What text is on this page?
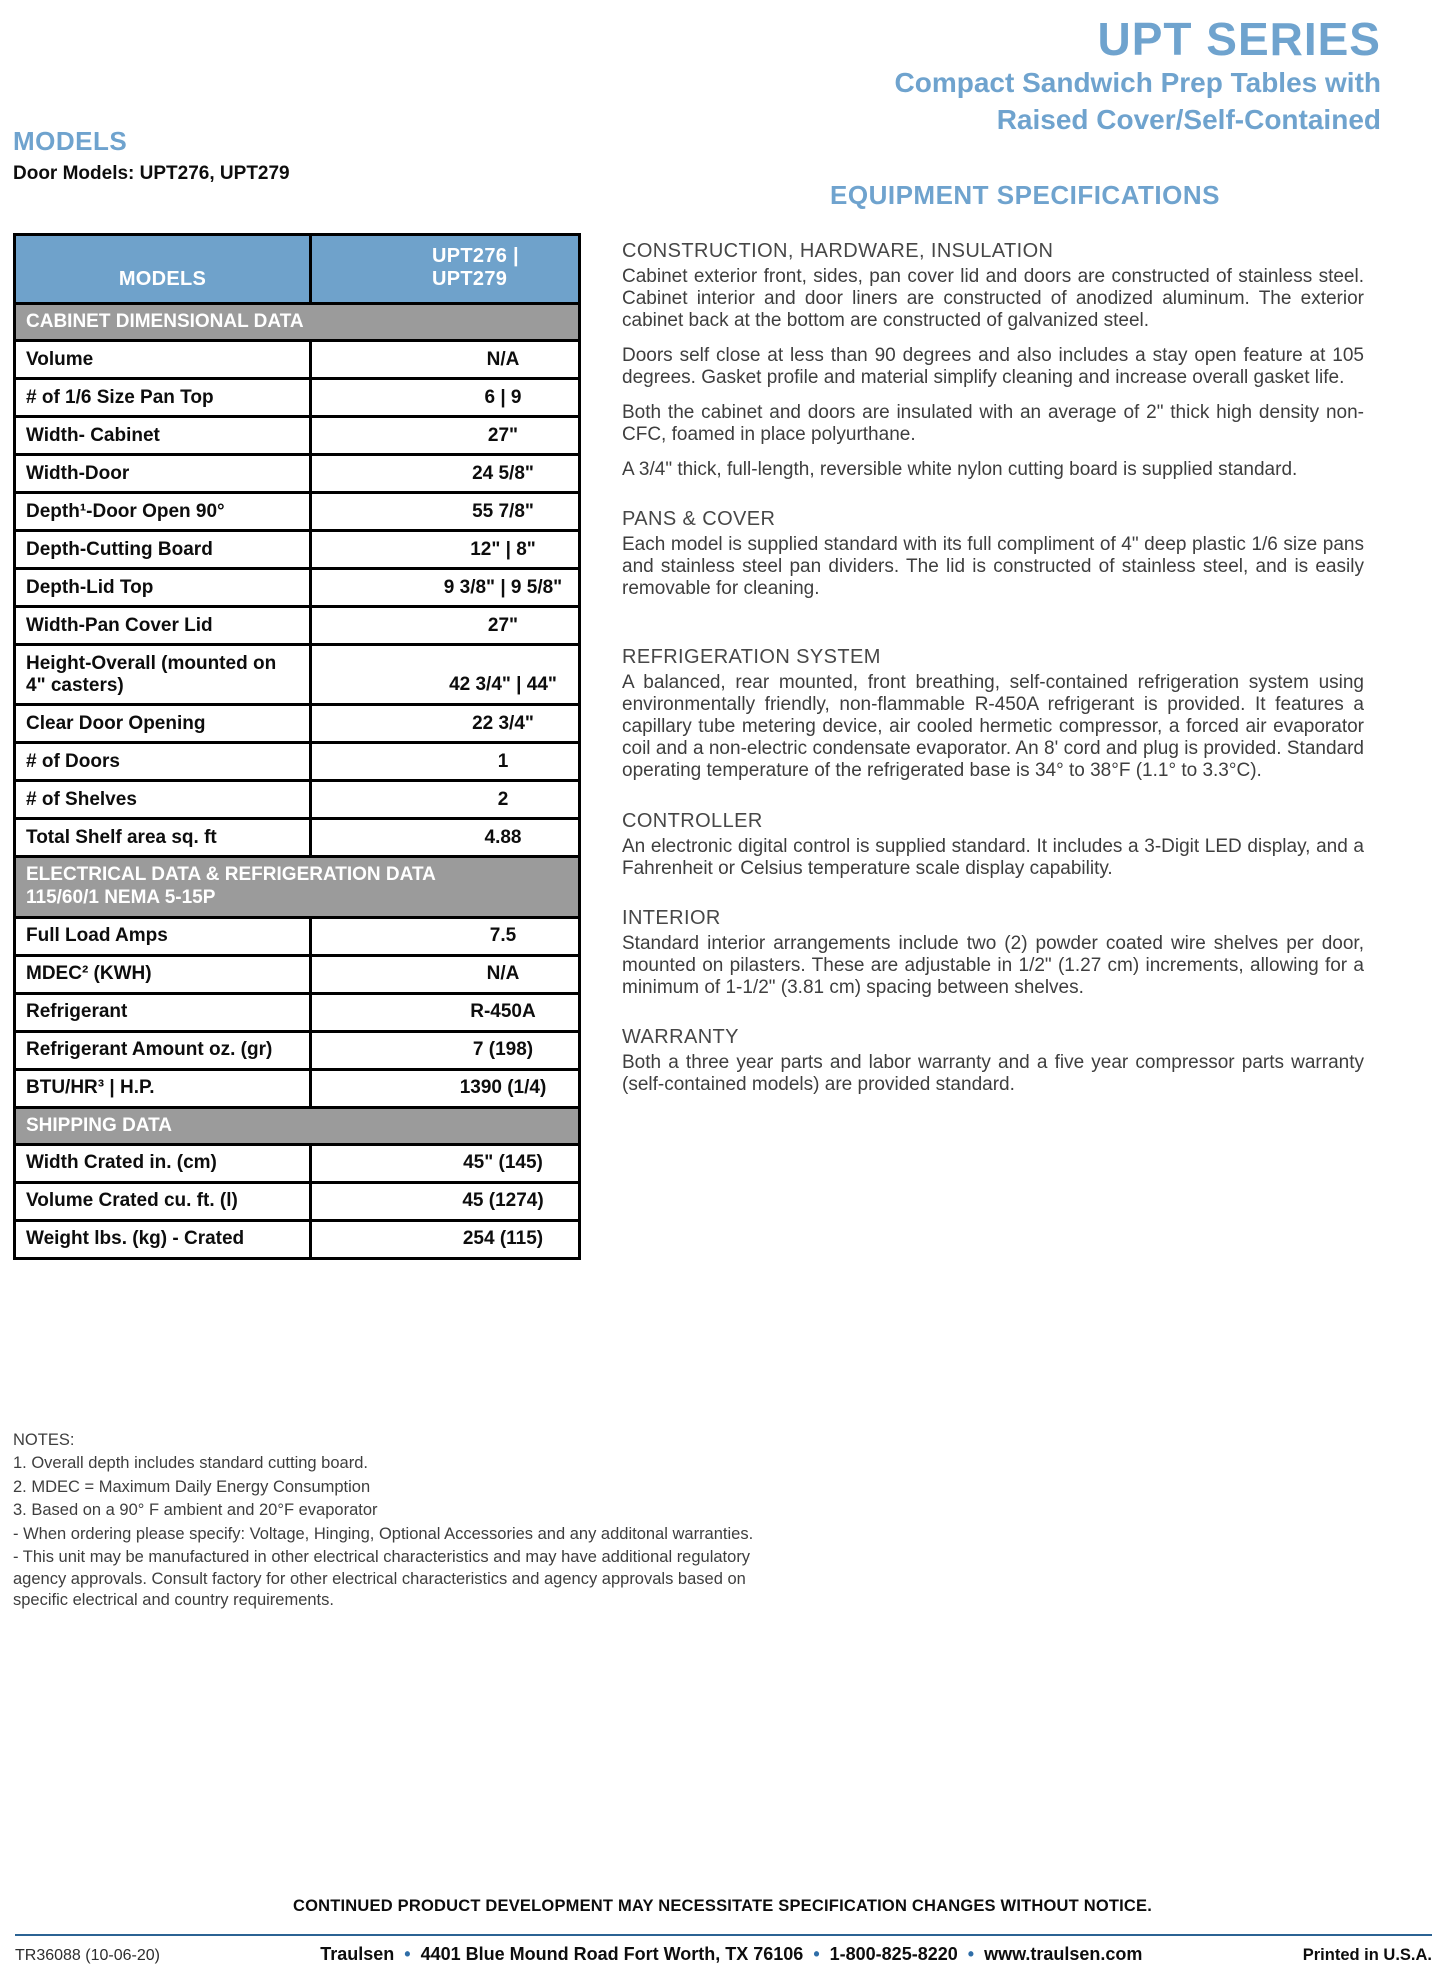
UPT SERIES
Compact Sandwich Prep Tables with
Raised Cover/Self-Contained
MODELS
Door Models: UPT276, UPT279
MODELS
UPT276 | UPT279
CABINET DIMENSIONAL DATA
Volume	N/A
# of 1/6 Size Pan Top	6 | 9
Width- Cabinet	27"
Width-Door	24 5/8"
Depth¹-Door Open 90°	55 7/8"
Depth-Cutting Board	12" | 8"
Depth-Lid Top	9 3/8" | 9 5/8"
Width-Pan Cover Lid	27"
Height-Overall (mounted on 4" casters)	42 3/4" | 44"
Clear Door Opening	22 3/4"
# of Doors	1
# of Shelves	2
Total Shelf area sq. ft	4.88
ELECTRICAL DATA & REFRIGERATION DATA
115/60/1 NEMA 5-15P
Full Load Amps	7.5
MDEC² (KWH)	N/A
Refrigerant	R-450A
Refrigerant Amount oz. (gr)	7 (198)
BTU/HR³ | H.P.	1390 (1/4)
SHIPPING DATA
Width Crated in. (cm)	45" (145)
Volume Crated cu. ft. (l)	45 (1274)
Weight lbs. (kg) - Crated	254 (115)
EQUIPMENT SPECIFICATIONS
CONSTRUCTION, HARDWARE, INSULATION

Cabinet exterior front, sides, pan cover lid and doors are constructed of stainless steel. Cabinet interior and door liners are constructed of anodized aluminum. The exterior cabinet back at the bottom are constructed of galvanized steel.

Doors self close at less than 90 degrees and also includes a stay open feature at 105 degrees. Gasket profile and material simplify cleaning and increase overall gasket life.

Both the cabinet and doors are insulated with an average of 2" thick high density non-CFC, foamed in place polyurthane.

A 3/4" thick, full-length, reversible white nylon cutting board is supplied standard.

PANS & COVER

Each model is supplied standard with its full compliment of 4" deep plastic 1/6 size pans and stainless steel pan dividers. The lid is constructed of stainless steel, and is easily removable for cleaning.

REFRIGERATION SYSTEM

A balanced, rear mounted, front breathing, self-contained refrigeration system using environmentally friendly, non-flammable R-450A refrigerant is provided. It features a capillary tube metering device, air cooled hermetic compressor, a forced air evaporator coil and a non-electric condensate evaporator. An 8' cord and plug is provided. Standard operating temperature of the refrigerated base is 34° to 38°F (1.1° to 3.3°C).

CONTROLLER

An electronic digital control is supplied standard. It includes a 3-Digit LED display, and a Fahrenheit or Celsius temperature scale display capability.

INTERIOR

Standard interior arrangements include two (2) powder coated wire shelves per door, mounted on pilasters. These are adjustable in 1/2" (1.27 cm) increments, allowing for a minimum of 1-1/2" (3.81 cm) spacing between shelves.

WARRANTY

Both a three year parts and labor warranty and a five year compressor parts warranty (self-contained models) are provided standard.

NOTES:
1. Overall depth includes standard cutting board.
2. MDEC = Maximum Daily Energy Consumption
3. Based on a 90° F ambient and 20°F evaporator
- When ordering please specify: Voltage, Hinging, Optional Accessories and any additonal warranties.
- This unit may be manufactured in other electrical characteristics and may have additional regulatory agency approvals. Consult factory for other electrical characteristics and agency approvals based on specific electrical and country requirements.
CONTINUED PRODUCT DEVELOPMENT MAY NECESSITATE SPECIFICATION CHANGES WITHOUT NOTICE.
TR36088 (10-06-20)	Traulsen • 4401 Blue Mound Road Fort Worth, TX 76106 • 1-800-825-8220 • www.traulsen.com	Printed in U.S.A.
